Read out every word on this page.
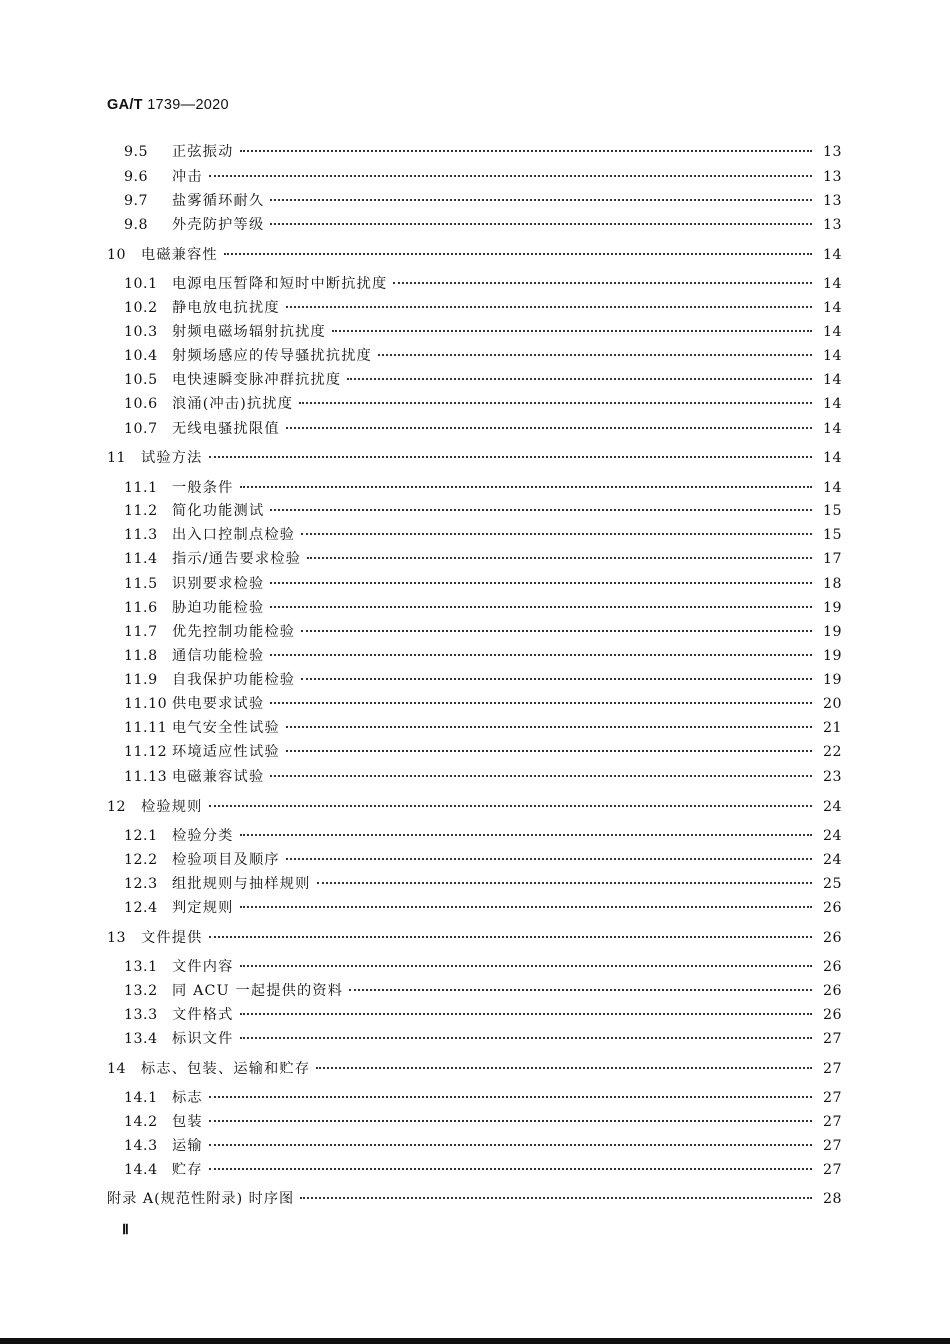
GA/T 1739—2020
9.5	正弦振动	13
9.6	冲击	13
9.7	盐雾循环耐久	13
9.8	外壳防护等级	13
10	电磁兼容性	14
10.1	电源电压暂降和短时中断抗扰度	14
10.2	静电放电抗扰度	14
10.3	射频电磁场辐射抗扰度	14
10.4	射频场感应的传导骚扰抗扰度	14
10.5	电快速瞬变脉冲群抗扰度	14
10.6	浪涌(冲击)抗扰度	14
10.7	无线电骚扰限值	14
11	试验方法	14
11.1	一般条件	14
11.2	简化功能测试	15
11.3	出入口控制点检验	15
11.4	指示/通告要求检验	17
11.5	识别要求检验	18
11.6	胁迫功能检验	19
11.7	优先控制功能检验	19
11.8	通信功能检验	19
11.9	自我保护功能检验	19
11.10 供电要求试验	20
11.11 电气安全性试验	21
11.12 环境适应性试验	22
11.13 电磁兼容试验	23
12	检验规则	24
12.1	检验分类	24
12.2	检验项目及顺序	24
12.3	组批规则与抽样规则	25
12.4	判定规则	26
13	文件提供	26
13.1	文件内容	26
13.2	同 ACU 一起提供的资料	26
13.3	文件格式	26
13.4	标识文件	27
14	标志、包装、运输和贮存	27
14.1	标志	27
14.2	包装	27
14.3	运输	27
14.4	贮存	27
附录 A(规范性附录) 时序图	28
Ⅱ
